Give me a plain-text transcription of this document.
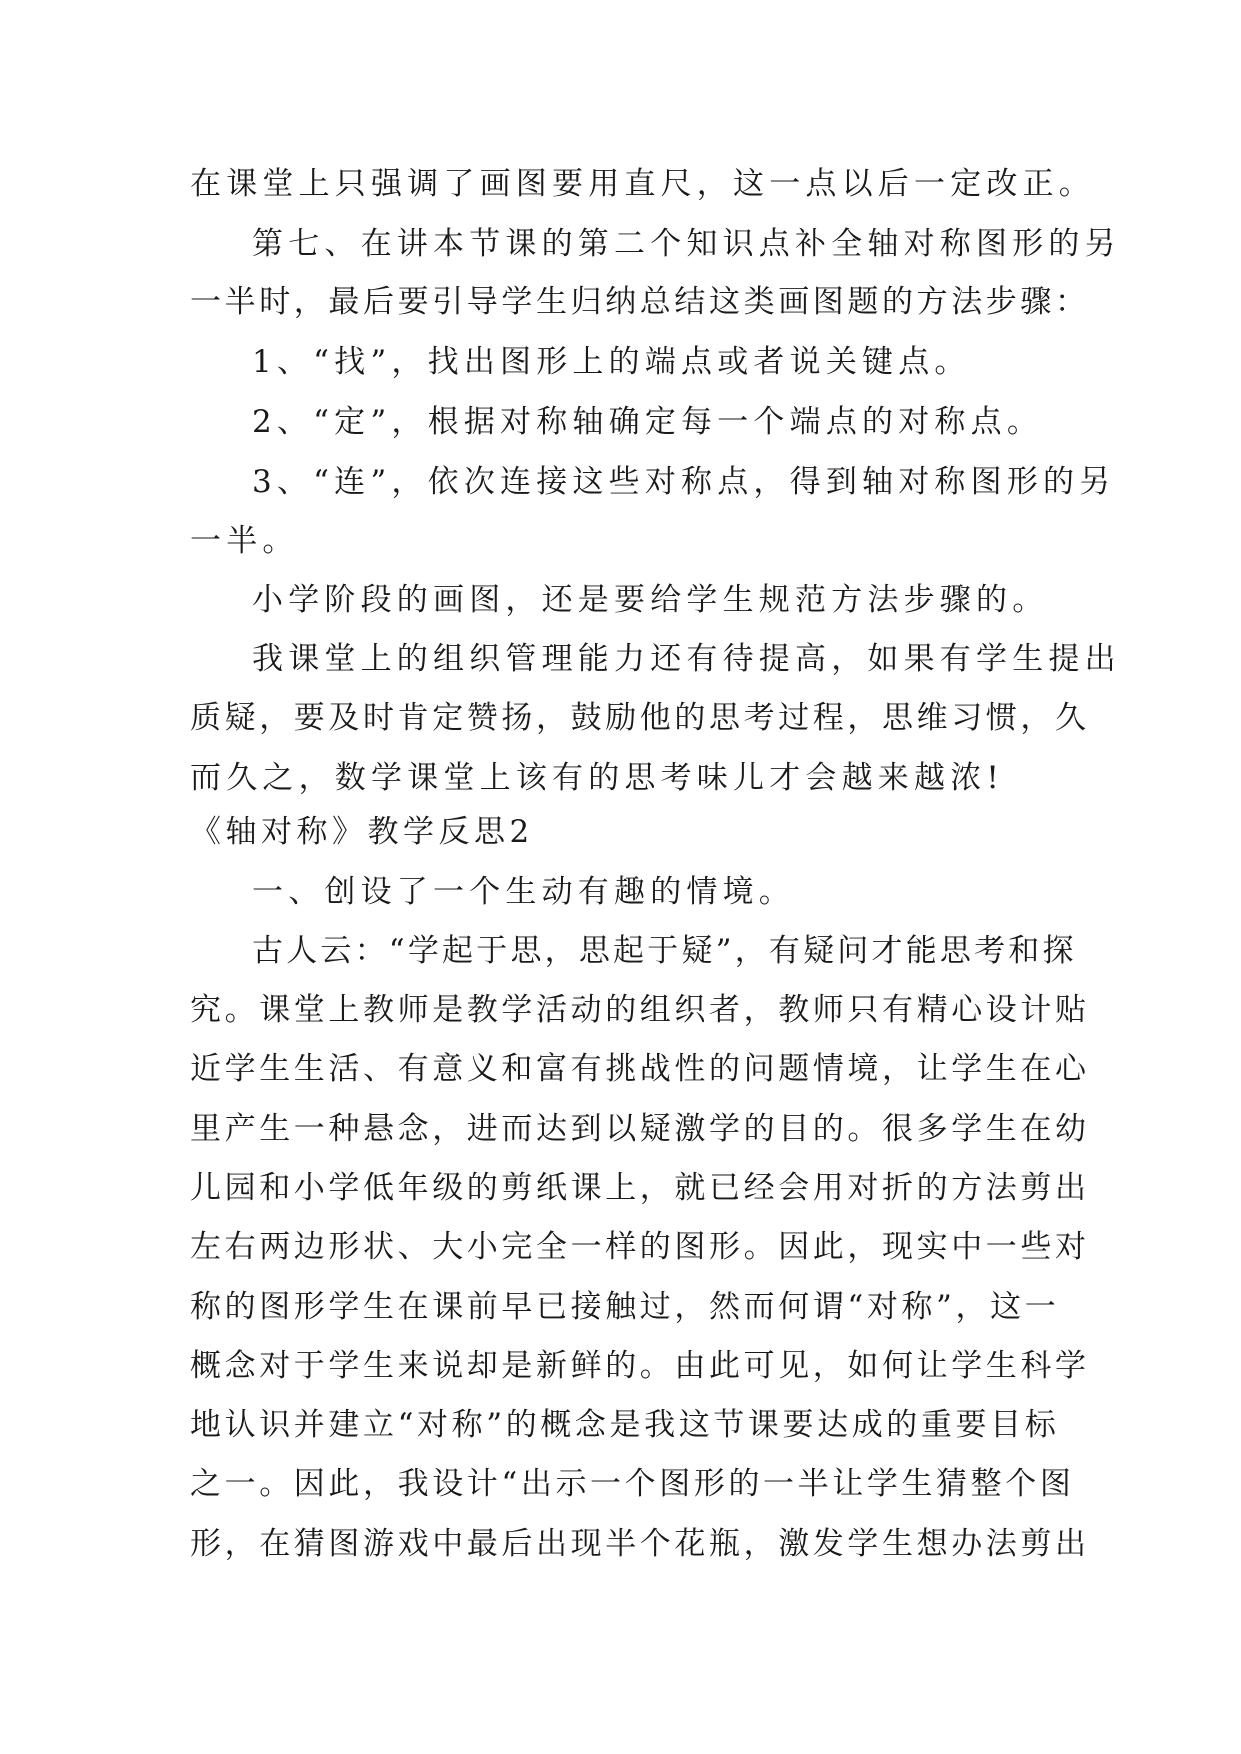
在课堂上只强调了画图要用直尺，这一点以后一定改正。
第七、在讲本节课的第二个知识点补全轴对称图形的另
一半时，最后要引导学生归纳总结这类画图题的方法步骤：
1、“找”，找出图形上的端点或者说关键点。
2、“定”，根据对称轴确定每一个端点的对称点。
3、“连”，依次连接这些对称点，得到轴对称图形的另
一半。
小学阶段的画图，还是要给学生规范方法步骤的。
我课堂上的组织管理能力还有待提高，如果有学生提出
质疑，要及时肯定赞扬，鼓励他的思考过程，思维习惯，久
而久之，数学课堂上该有的思考味儿才会越来越浓!
《轴对称》教学反思2
一、创设了一个生动有趣的情境。
古人云：“学起于思，思起于疑”，有疑问才能思考和探
究。课堂上教师是教学活动的组织者，教师只有精心设计贴
近学生生活、有意义和富有挑战性的问题情境，让学生在心
里产生一种悬念，进而达到以疑激学的目的。很多学生在幼
儿园和小学低年级的剪纸课上，就已经会用对折的方法剪出
左右两边形状、大小完全一样的图形。因此，现实中一些对
称的图形学生在课前早已接触过，然而何谓“对称”，这一
概念对于学生来说却是新鲜的。由此可见，如何让学生科学
地认识并建立“对称”的概念是我这节课要达成的重要目标
之一。因此，我设计“出示一个图形的一半让学生猜整个图
形，在猜图游戏中最后出现半个花瓶，激发学生想办法剪出
